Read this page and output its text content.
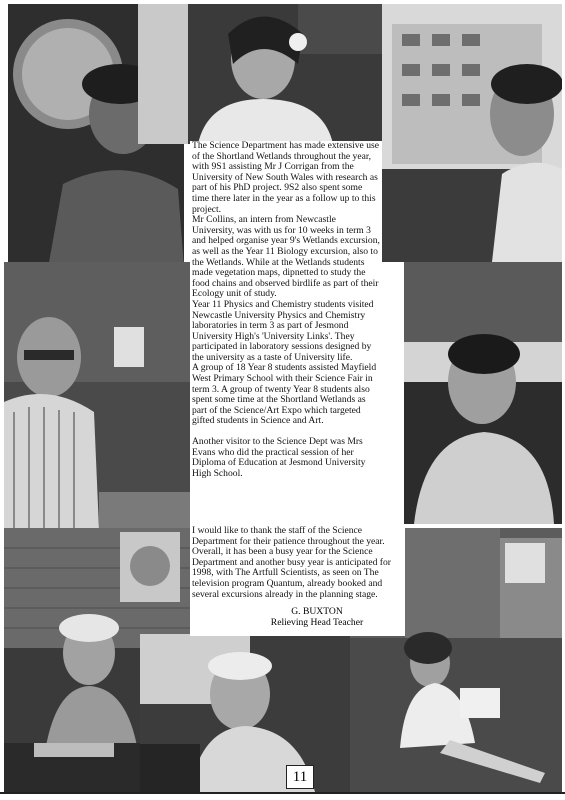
The Science Department has made extensive use of the Shortland Wetlands throughout the year, with 9S1 assisting Mr J Corrigan from the University of New South Wales with research as part of his PhD project. 9S2 also spent some time there later in the year as a follow up to this project.

Mr Collins, an intern from Newcastle University, was with us for 10 weeks in term 3 and helped organise year 9's Wetlands excursion, as well as the Year 11 Biology excursion, also to the Wetlands. While at the Wetlands students made vegetation maps, dipnetted to study the food chains and observed birdlife as part of their Ecology unit of study.

Year 11 Physics and Chemistry students visited Newcastle University Physics and Chemistry laboratories in term 3 as part of Jesmond University High's 'University Links'. They participated in laboratory sessions designed by the university as a taste of University life.

A group of 18 Year 8 students assisted Mayfield West Primary School with their Science Fair in term 3. A group of twenty Year 8 students also spent some time at the Shortland Wetlands as part of the Science/Art Expo which targeted gifted students in Science and Art.

Another visitor to the Science Dept was Mrs Evans who did the practical session of her Diploma of Education at Jesmond University High School.

I would like to thank the staff of the Science Department for their patience throughout the year. Overall, it has been a busy year for the Science Department and another busy year is anticipated for 1998, with The Artfull Scientists, as seen on The television program Quantum, already booked and several excursions already in the planning stage.

G. BUXTON
Relieving Head Teacher
11
